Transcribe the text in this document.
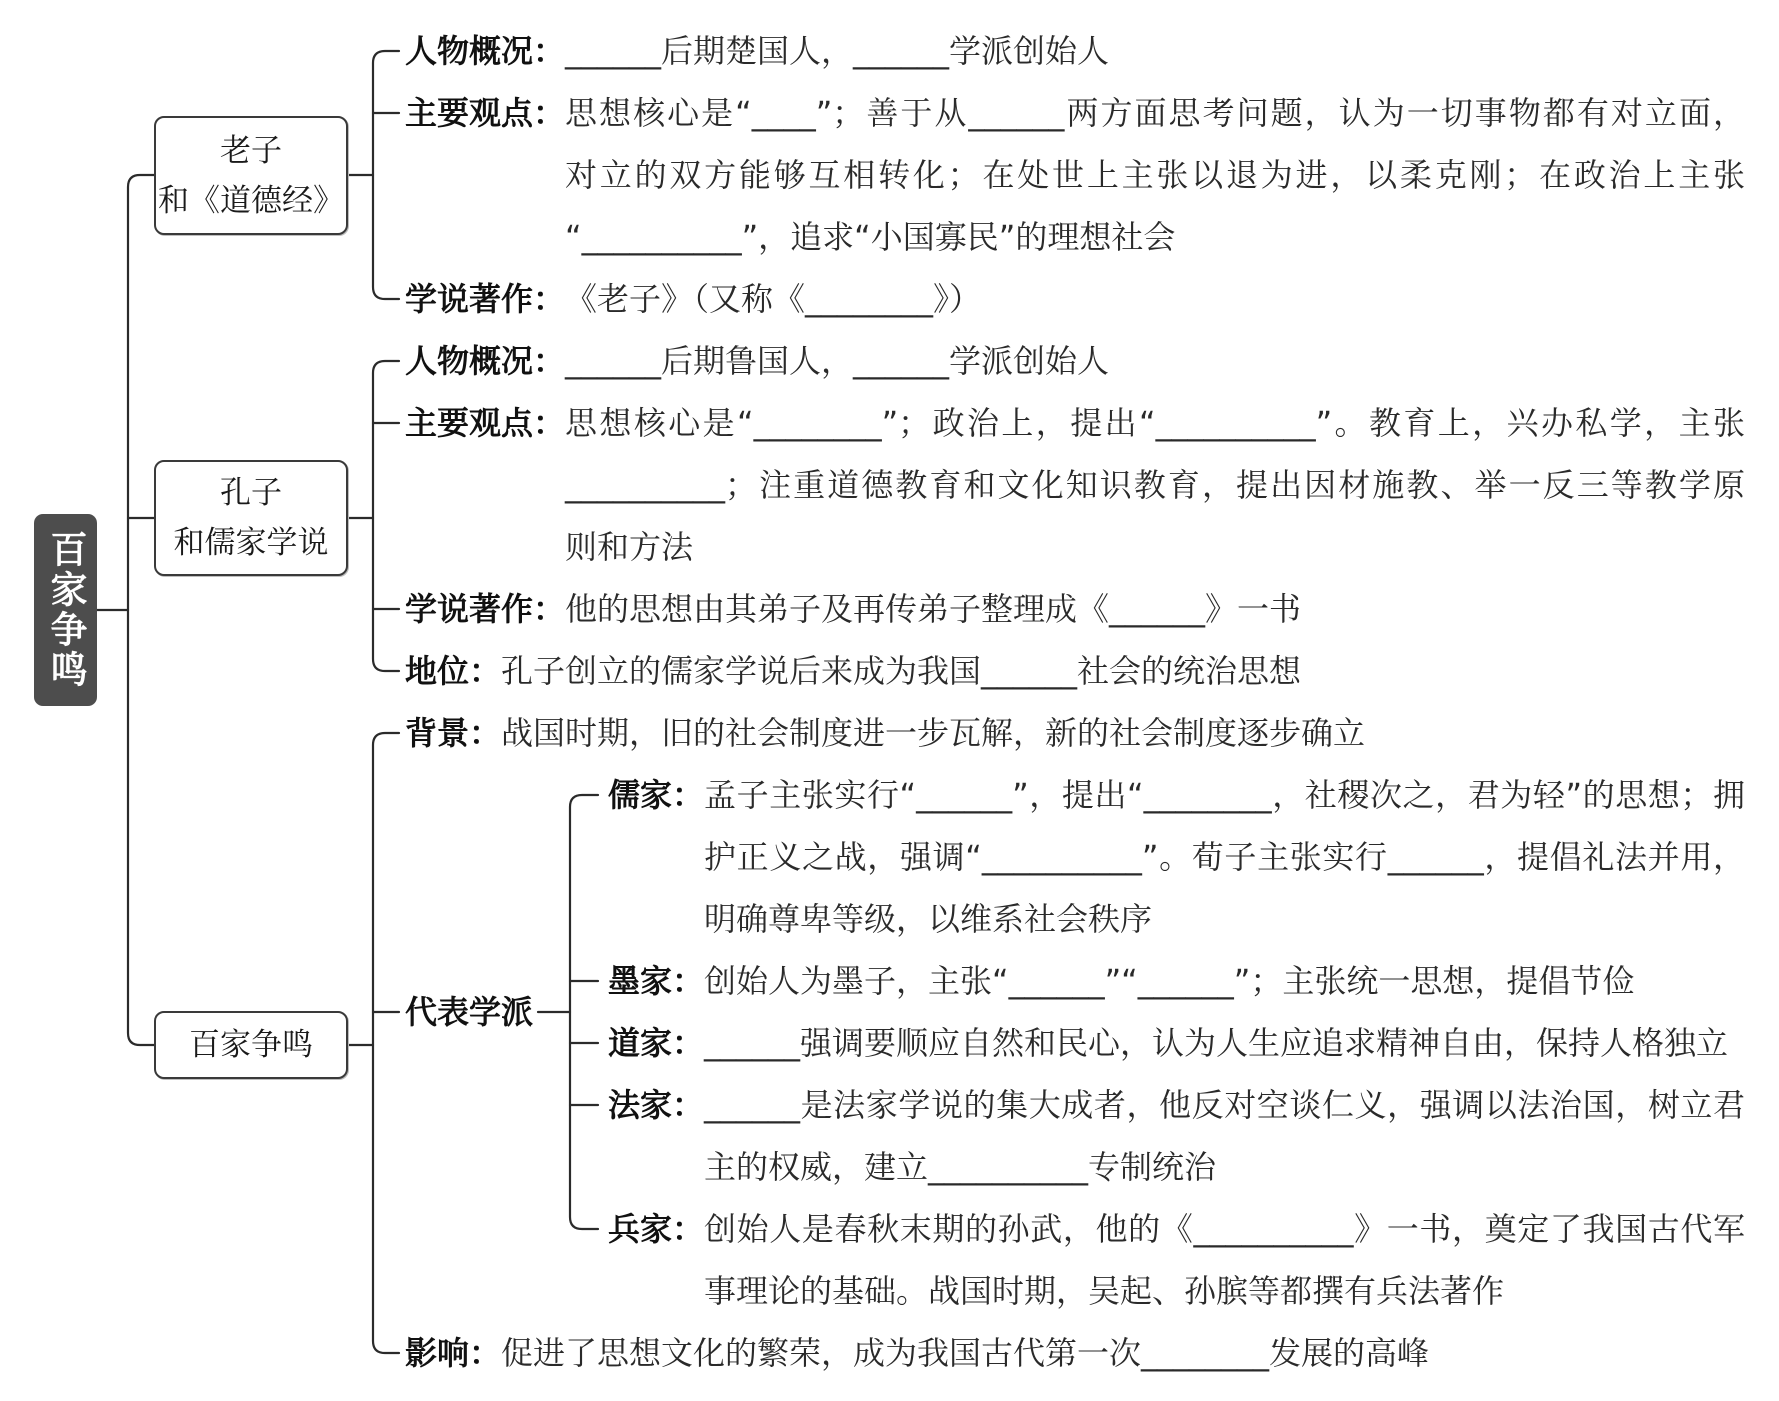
百家争鸣
老子
和《道德经》
孔子
和儒家学说
百家争鸣
人物概况： ______后期楚国人，______学派创始人
主要观点： 思想核心是“____”；善于从______两方面思考问题，认为一切事物都有对立面，
对立的双方能够互相转化；在处世上主张以退为进，以柔克刚；在政治上主张
“__________”，追求“小国寡民”的理想社会
学说著作： 《老子》（又称《________》）
人物概况： ______后期鲁国人，______学派创始人
主要观点： 思想核心是“________”；政治上，提出“__________”。教育上，兴办私学，主张
__________；注重道德教育和文化知识教育，提出因材施教、举一反三等教学原
则和方法
学说著作： 他的思想由其弟子及再传弟子整理成《______》一书
地位： 孔子创立的儒家学说后来成为我国______社会的统治思想
背景： 战国时期，旧的社会制度进一步瓦解，新的社会制度逐步确立
代表学派
儒家： 孟子主张实行“______”，提出“________，社稷次之，君为轻”的思想；拥
护正义之战，强调“__________”。荀子主张实行______，提倡礼法并用，
明确尊卑等级，以维系社会秩序
墨家： 创始人为墨子，主张“______”“______”；主张统一思想，提倡节俭
道家： ______强调要顺应自然和民心，认为人生应追求精神自由，保持人格独立
法家： ______是法家学说的集大成者，他反对空谈仁义，强调以法治国，树立君
主的权威，建立__________专制统治
兵家： 创始人是春秋末期的孙武，他的《__________》一书，奠定了我国古代军
事理论的基础。战国时期，吴起、孙膑等都撰有兵法著作
影响： 促进了思想文化的繁荣，成为我国古代第一次________发展的高峰
